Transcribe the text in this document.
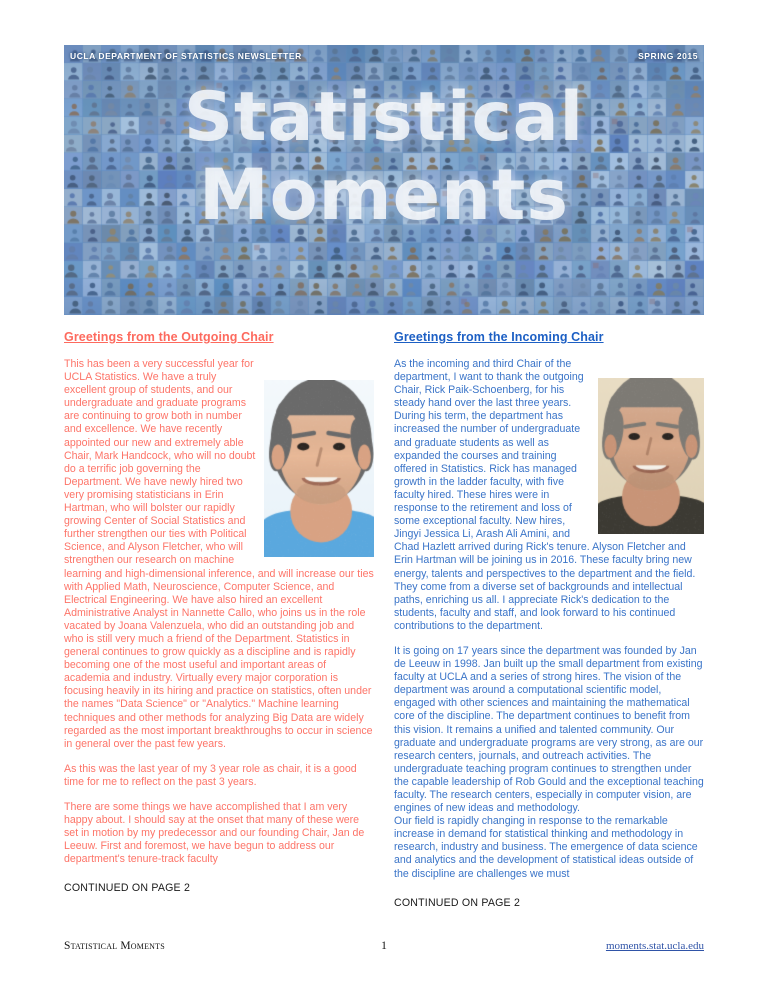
UCLA DEPARTMENT OF STATISTICS NEWSLETTER	SPRING 2015
Statistical
Moments
Greetings from the Outgoing Chair

This has been a very successful year for UCLA Statistics. We have a truly excellent group of students, and our undergraduate and graduate programs are continuing to grow both in number and excellence. We have recently appointed our new and extremely able Chair, Mark Handcock, who will no doubt do a terrific job governing the Department. We have newly hired two very promising statisticians in Erin Hartman, who will bolster our rapidly growing Center of Social Statistics and further strengthen our ties with Political Science, and Alyson Fletcher, who will strengthen our research on machine learning and high-dimensional inference, and will increase our ties with Applied Math, Neuroscience, Computer Science, and Electrical Engineering. We have also hired an excellent Administrative Analyst in Nannette Callo, who joins us in the role vacated by Joana Valenzuela, who did an outstanding job and who is still very much a friend of the Department. Statistics in general continues to grow quickly as a discipline and is rapidly becoming one of the most useful and important areas of academia and industry. Virtually every major corporation is focusing heavily in its hiring and practice on statistics, often under the names "Data Science" or "Analytics." Machine learning techniques and other methods for analyzing Big Data are widely regarded as the most important breakthroughs to occur in science in general over the past few years.

As this was the last year of my 3 year role as chair, it is a good time for me to reflect on the past 3 years.

There are some things we have accomplished that I am very happy about. I should say at the onset that many of these were set in motion by my predecessor and our founding Chair, Jan de Leeuw. First and foremost, we have begun to address our department's tenure-track faculty

CONTINUED ON PAGE 2

Greetings from the Incoming Chair

As the incoming and third Chair of the department, I want to thank the outgoing Chair, Rick Paik-Schoenberg, for his steady hand over the last three years. During his term, the department has increased the number of undergraduate and graduate students as well as expanded the courses and training offered in Statistics. Rick has managed growth in the ladder faculty, with five faculty hired. These hires were in response to the retirement and loss of some exceptional faculty. New hires, Jingyi Jessica Li, Arash Ali Amini, and Chad Hazlett arrived during Rick's tenure. Alyson Fletcher and Erin Hartman will be joining us in 2016. These faculty bring new energy, talents and perspectives to the department and the field. They come from a diverse set of backgrounds and intellectual paths, enriching us all. I appreciate Rick's dedication to the students, faculty and staff, and look forward to his continued contributions to the department.

It is going on 17 years since the department was founded by Jan de Leeuw in 1998. Jan built up the small department from existing faculty at UCLA and a series of strong hires. The vision of the department was around a computational scientific model, engaged with other sciences and maintaining the mathematical core of the discipline. The department continues to benefit from this vision. It remains a unified and talented community. Our graduate and undergraduate programs are very strong, as are our research centers, journals, and outreach activities. The undergraduate teaching program continues to strengthen under the capable leadership of Rob Gould and the exceptional teaching faculty. The research centers, especially in computer vision, are engines of new ideas and methodology.

Our field is rapidly changing in response to the remarkable increase in demand for statistical thinking and methodology in research, industry and business. The emergence of data science and analytics and the development of statistical ideas outside of the discipline are challenges we must

CONTINUED ON PAGE 2

Statistical Moments	1	moments.stat.ucla.edu
